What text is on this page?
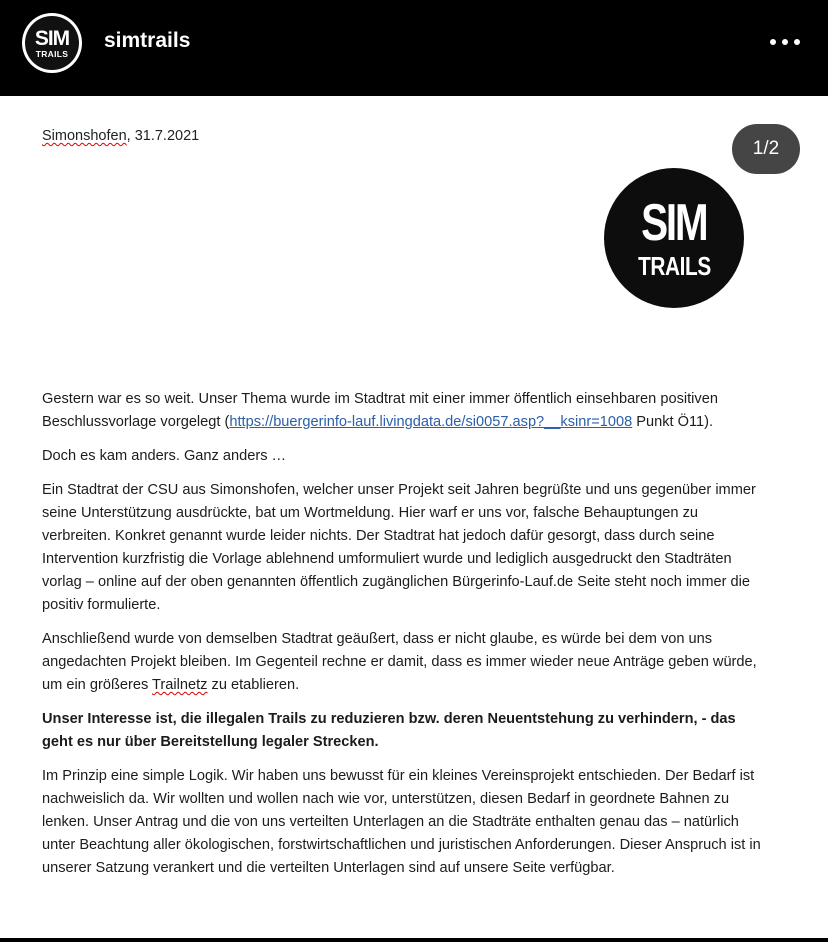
SIM
TRAILS
simtrails
Simonshofen, 31.7.2021
1/2
SIM
TRAILS

Gestern war es so weit. Unser Thema wurde im Stadtrat mit einer immer öffentlich einsehbaren positiven Beschlussvorlage vorgelegt (https://buergerinfo-lauf.livingdata.de/si0057.asp?__ksinr=1008 Punkt Ö11).

Doch es kam anders. Ganz anders …

Ein Stadtrat der CSU aus Simonshofen, welcher unser Projekt seit Jahren begrüßte und uns gegenüber immer seine Unterstützung ausdrückte, bat um Wortmeldung. Hier warf er uns vor, falsche Behauptungen zu verbreiten. Konkret genannt wurde leider nichts. Der Stadtrat hat jedoch dafür gesorgt, dass durch seine Intervention kurzfristig die Vorlage ablehnend umformuliert wurde und lediglich ausgedruckt den Stadträten vorlag – online auf der oben genannten öffentlich zugänglichen Bürgerinfo-Lauf.de Seite steht noch immer die positiv formulierte.

Anschließend wurde von demselben Stadtrat geäußert, dass er nicht glaube, es würde bei dem von uns angedachten Projekt bleiben. Im Gegenteil rechne er damit, dass es immer wieder neue Anträge geben würde, um ein größeres Trailnetz zu etablieren.

Unser Interesse ist, die illegalen Trails zu reduzieren bzw. deren Neuentstehung zu verhindern, - das geht es nur über Bereitstellung legaler Strecken.

Im Prinzip eine simple Logik. Wir haben uns bewusst für ein kleines Vereinsprojekt entschieden. Der Bedarf ist nachweislich da. Wir wollten und wollen nach wie vor, unterstützen, diesen Bedarf in geordnete Bahnen zu lenken. Unser Antrag und die von uns verteilten Unterlagen an die Stadträte enthalten genau das – natürlich unter Beachtung aller ökologischen, forstwirtschaftlichen und juristischen Anforderungen. Dieser Anspruch ist in unserer Satzung verankert und die verteilten Unterlagen sind auf unsere Seite verfügbar.
